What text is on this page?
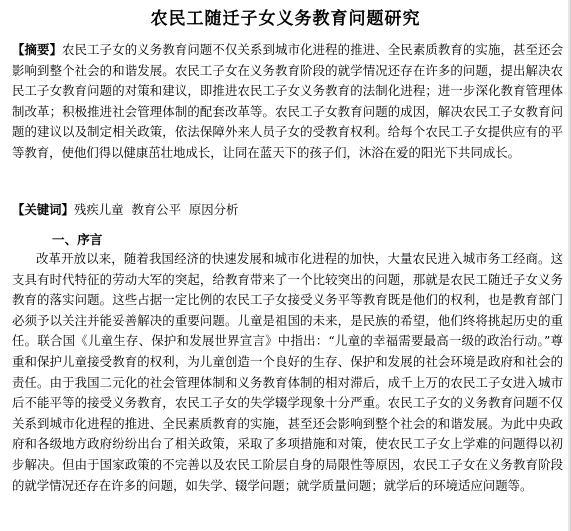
农民工随迁子女义务教育问题研究

【摘要】农民工子女的义务教育问题不仅关系到城市化进程的推进、全民素质教育的实施，甚至还会影响到整个社会的和谐发展。农民工子女在义务教育阶段的就学情况还存在许多的问题，提出解决农民工子女教育问题的对策和建议，即推进农民工子女义务教育的法制化进程；进一步深化教育管理体制改革；积极推进社会管理体制的配套改革等。农民工子女教育问题的成因，解决农民工子女教育问题的建议以及制定相关政策，依法保障外来人员子女的受教育权利。给每个农民工子女提供应有的平等教育，使他们得以健康茁壮地成长，让同在蓝天下的孩子们，沐浴在爱的阳光下共同成长。

【关键词】残疾儿童  教育公平  原因分析

一、序言

改革开放以来，随着我国经济的快速发展和城市化进程的加快，大量农民进入城市务工经商。这支具有时代特征的劳动大军的突起，给教育带来了一个比较突出的问题，那就是农民工随迁子女义务教育的落实问题。这些占据一定比例的农民工子女接受义务平等教育既是他们的权利，也是教育部门必须予以关注并能妥善解决的重要问题。儿童是祖国的未来，是民族的希望，他们终将挑起历史的重任。联合国《儿童生存、保护和发展世界宣言》中指出：“儿童的幸福需要最高一级的政治行动。”尊重和保护儿童接受教育的权利，为儿童创造一个良好的生存、保护和发展的社会环境是政府和社会的责任。由于我国二元化的社会管理体制和义务教育体制的相对滞后，成千上万的农民工子女进入城市后不能平等的接受义务教育，农民工子女的失学辍学现象十分严重。农民工子女的义务教育问题不仅关系到城市化进程的推进、全民素质教育的实施，甚至还会影响到整个社会的和谐发展。为此中央政府和各级地方政府纷纷出台了相关政策，采取了多项措施和对策，使农民工子女上学难的问题得以初步解决。但由于国家政策的不完善以及农民工阶层自身的局限性等原因，农民工子女在义务教育阶段的就学情况还存在许多的问题，如失学、辍学问题；就学质量问题；就学后的环境适应问题等。
